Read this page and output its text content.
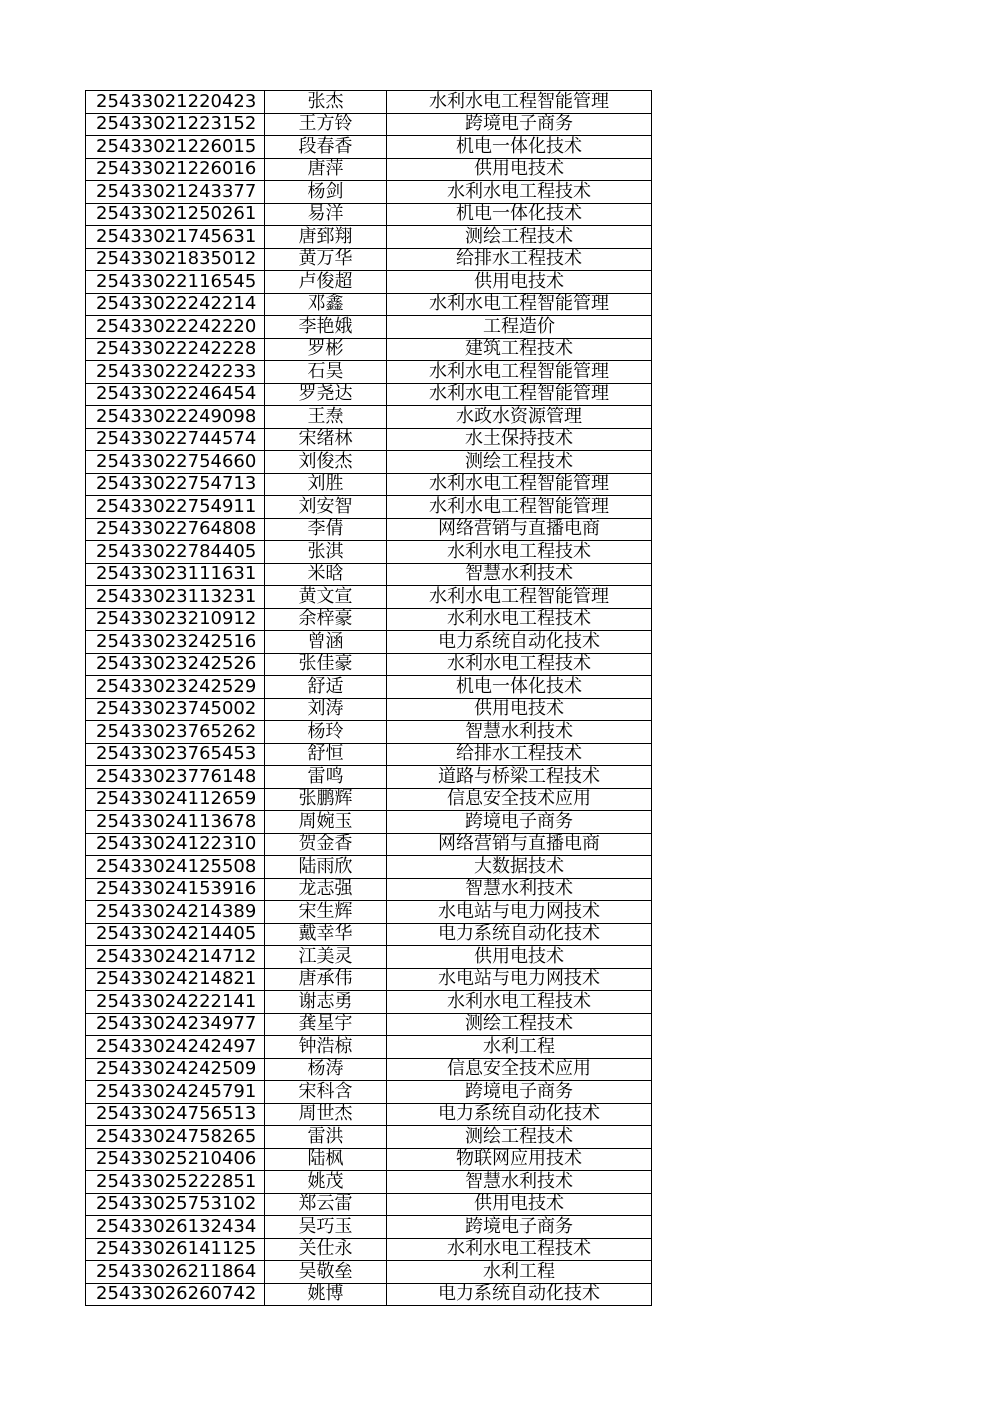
25433021220423	张杰	水利水电工程智能管理
25433021223152	王方铃	跨境电子商务
25433021226015	段春香	机电一体化技术
25433021226016	唐萍	供用电技术
25433021243377	杨剑	水利水电工程技术
25433021250261	易洋	机电一体化技术
25433021745631	唐郅翔	测绘工程技术
25433021835012	黄万华	给排水工程技术
25433022116545	卢俊超	供用电技术
25433022242214	邓鑫	水利水电工程智能管理
25433022242220	李艳娥	工程造价
25433022242228	罗彬	建筑工程技术
25433022242233	石昊	水利水电工程智能管理
25433022246454	罗尧达	水利水电工程智能管理
25433022249098	王焘	水政水资源管理
25433022744574	宋绪林	水土保持技术
25433022754660	刘俊杰	测绘工程技术
25433022754713	刘胜	水利水电工程智能管理
25433022754911	刘安智	水利水电工程智能管理
25433022764808	李倩	网络营销与直播电商
25433022784405	张淇	水利水电工程技术
25433023111631	米晗	智慧水利技术
25433023113231	黄文宣	水利水电工程智能管理
25433023210912	余梓豪	水利水电工程技术
25433023242516	曾涵	电力系统自动化技术
25433023242526	张佳豪	水利水电工程技术
25433023242529	舒适	机电一体化技术
25433023745002	刘涛	供用电技术
25433023765262	杨玲	智慧水利技术
25433023765453	舒恒	给排水工程技术
25433023776148	雷鸣	道路与桥梁工程技术
25433024112659	张鹏辉	信息安全技术应用
25433024113678	周婉玉	跨境电子商务
25433024122310	贺金香	网络营销与直播电商
25433024125508	陆雨欣	大数据技术
25433024153916	龙志强	智慧水利技术
25433024214389	宋生辉	水电站与电力网技术
25433024214405	戴幸华	电力系统自动化技术
25433024214712	江美灵	供用电技术
25433024214821	唐承伟	水电站与电力网技术
25433024222141	谢志勇	水利水电工程技术
25433024234977	龚星宇	测绘工程技术
25433024242497	钟浩椋	水利工程
25433024242509	杨涛	信息安全技术应用
25433024245791	宋科含	跨境电子商务
25433024756513	周世杰	电力系统自动化技术
25433024758265	雷洪	测绘工程技术
25433025210406	陆枫	物联网应用技术
25433025222851	姚茂	智慧水利技术
25433025753102	郑云雷	供用电技术
25433026132434	吴巧玉	跨境电子商务
25433026141125	关仕永	水利水电工程技术
25433026211864	吴敬垒	水利工程
25433026260742	姚博	电力系统自动化技术
